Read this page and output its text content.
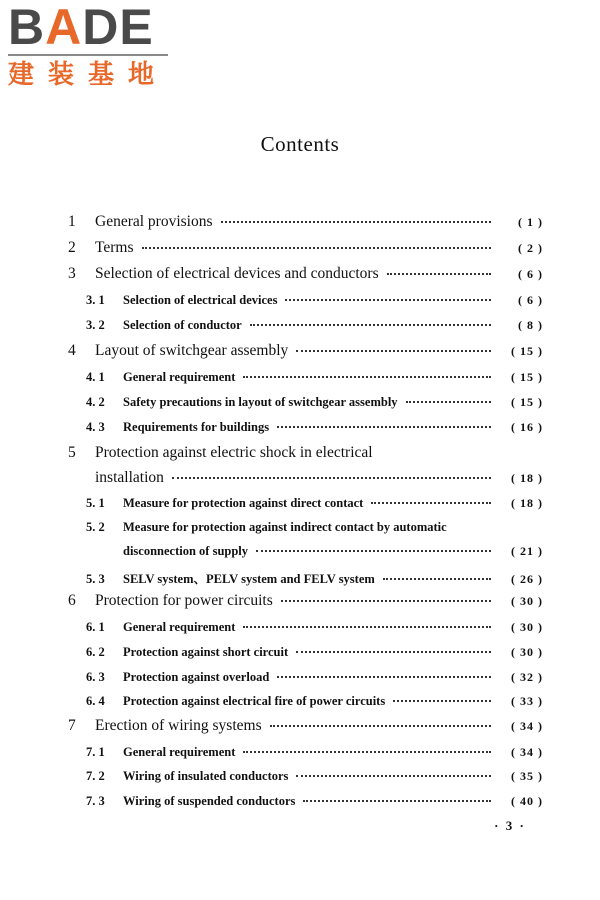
BADE
建装基地
Contents
1	General provisions	( 1 )
2	Terms	( 2 )
3	Selection of electrical devices and conductors	( 6 )
3. 1	Selection of electrical devices	( 6 )
3. 2	Selection of conductor	( 8 )
4	Layout of switchgear assembly	( 15 )
4. 1	General requirement	( 15 )
4. 2	Safety precautions in layout of switchgear assembly	( 15 )
4. 3	Requirements for buildings	( 16 )
5	Protection against electric shock in electrical
installation	( 18 )
5. 1	Measure for protection against direct contact	( 18 )
5. 2	Measure for protection against indirect contact by automatic
disconnection of supply	( 21 )
5. 3	SELV system、PELV system and FELV system	( 26 )
6	Protection for power circuits	( 30 )
6. 1	General requirement	( 30 )
6. 2	Protection against short circuit	( 30 )
6. 3	Protection against overload	( 32 )
6. 4	Protection against electrical fire of power circuits	( 33 )
7	Erection of wiring systems	( 34 )
7. 1	General requirement	( 34 )
7. 2	Wiring of insulated conductors	( 35 )
7. 3	Wiring of suspended conductors	( 40 )
· 3 ·
